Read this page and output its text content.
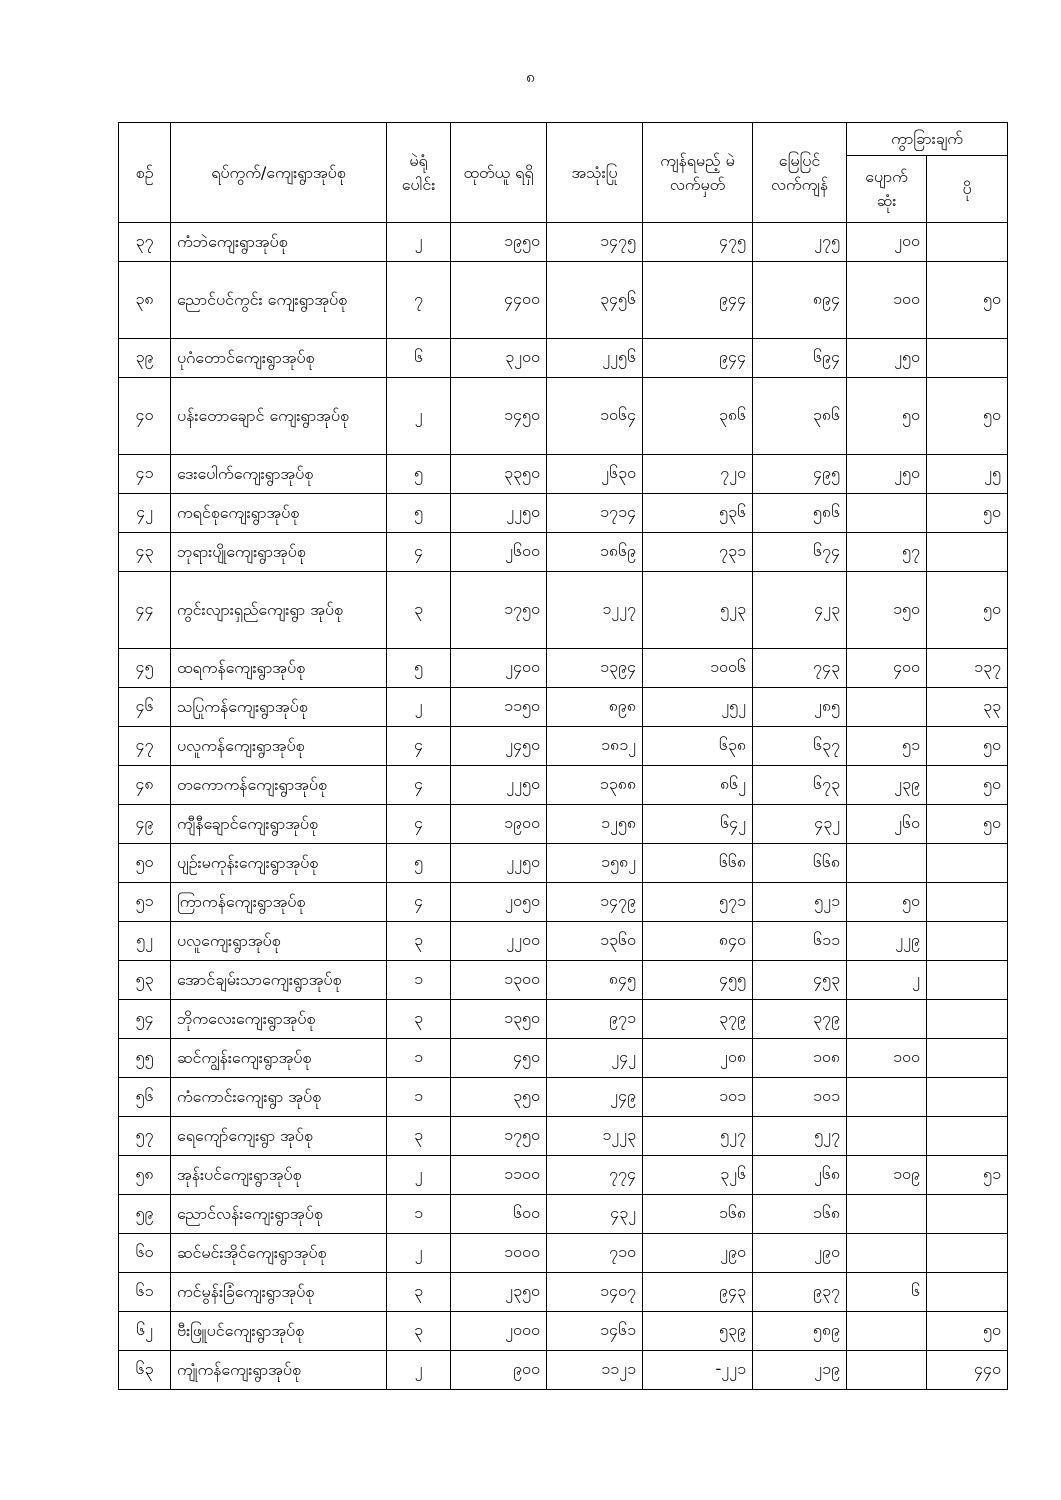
၈
စဉ်	ရပ်ကွက်/ကျေးရွာအုပ်စု	မဲရုံ ပေါင်း	ထုတ်ယူ ရရှိ	အသုံးပြု	ကျန်ရမည့် မဲလက်မှတ်	မြေပြင် လက်ကျန်	ကွာခြားချက်	
							ပျောက် ဆုံး	ပို
၃၇	ကံဘဲကျေးရွာအုပ်စု	၂	၁၉၅၀	၁၄၇၅	၄၇၅	၂၇၅	၂၀၀	
၃၈	ညောင်ပင်ကွင်း ကျေးရွာအုပ်စု	၇	၄၄၀၀	၃၄၅၆	၉၄၄	၈၉၄	၁၀၀	၅၀
၃၉	ပုဂံတောင်ကျေးရွာအုပ်စု	၆	၃၂၀၀	၂၂၅၆	၉၄၄	၆၉၄	၂၅၀	
၄၀	ပန်းတောချောင် ကျေးရွာအုပ်စု	၂	၁၄၅၀	၁၀၆၄	၃၈၆	၃၈၆	၅၀	၅၀
၄၁	ဒေးပေါက်ကျေးရွာအုပ်စု	၅	၃၃၅၀	၂၆၃၀	၇၂၀	၄၉၅	၂၅၀	၂၅
၄၂	ကရင်စုကျေးရွာအုပ်စု	၅	၂၂၅၀	၁၇၁၄	၅၃၆	၅၈၆		၅၀
၄၃	ဘုရားပျိုကျေးရွာအုပ်စု	၄	၂၆၀၀	၁၈၆၉	၇၃၁	၆၇၄	၅၇	
၄၄	ကွင်းလျားရှည်ကျေးရွာ အုပ်စု	၃	၁၇၅၀	၁၂၂၇	၅၂၃	၄၂၃	၁၅၀	၅၀
၄၅	ထရကန်ကျေးရွာအုပ်စု	၅	၂၄၀၀	၁၃၉၄	၁၀၀၆	၇၄၃	၄၀၀	၁၃၇
၄၆	သပြုကန်ကျေးရွာအုပ်စု	၂	၁၁၅၀	၈၉၈	၂၅၂	၂၈၅		၃၃
၄၇	ပလူကန်ကျေးရွာအုပ်စု	၄	၂၄၅၀	၁၈၁၂	၆၃၈	၆၃၇	၅၁	၅၀
၄၈	တကောကန်ကျေးရွာအုပ်စု	၄	၂၂၅၀	၁၃၈၈	၈၆၂	၆၇၃	၂၃၉	၅၀
၄၉	ကျီနီချောင်ကျေးရွာအုပ်စု	၄	၁၉၀၀	၁၂၅၈	၆၄၂	၄၃၂	၂၆၀	၅၀
၅၀	ပျဉ်းမကုန်းကျေးရွာအုပ်စု	၅	၂၂၅၀	၁၅၈၂	၆၆၈	၆၆၈		
၅၁	ကြာကန်ကျေးရွာအုပ်စု	၄	၂၀၅၀	၁၄၇၉	၅၇၁	၅၂၁	၅၀	
၅၂	ပလူကျေးရွာအုပ်စု	၃	၂၂၀၀	၁၃၆၀	၈၄၀	၆၁၁	၂၂၉	
၅၃	အောင်ချမ်းသာကျေးရွာအုပ်စု	၁	၁၃၀၀	၈၄၅	၄၅၅	၄၅၃	၂	
၅၄	ဘိုကလေးကျေးရွာအုပ်စု	၃	၁၃၅၀	၉၇၁	၃၇၉	၃၇၉		
၅၅	ဆင်ကျွန်းကျေးရွာအုပ်စု	၁	၄၅၀	၂၄၂	၂၀၈	၁၀၈	၁၀၀	
၅၆	ကံကောင်းကျေးရွာ အုပ်စု	၁	၃၅၀	၂၄၉	၁၀၁	၁၀၁		
၅၇	ရေကျော်ကျေးရွာ အုပ်စု	၃	၁၇၅၀	၁၂၂၃	၅၂၇	၅၂၇		
၅၈	အုန်းပင်ကျေးရွာအုပ်စု	၂	၁၁၀၀	၇၇၄	၃၂၆	၂၆၈	၁၀၉	၅၁
၅၉	ညောင်လန်းကျေးရွာအုပ်စု	၁	၆၀၀	၄၃၂	၁၆၈	၁၆၈		
၆၀	ဆင်မင်းအိုင်ကျေးရွာအုပ်စု	၂	၁၀၀၀	၇၁၀	၂၉၀	၂၉၀		
၆၁	ကင်မွန်းခြံကျေးရွာအုပ်စု	၃	၂၃၅၀	၁၄၀၇	၉၄၃	၉၃၇	၆	
၆၂	ဗီးဖြူပင်ကျေးရွာအုပ်စု	၃	၂၀၀၀	၁၄၆၁	၅၃၉	၅၈၉		၅၀
၆၃	ကျုံကန်ကျေးရွာအုပ်စု	၂	၉၀၀	၁၁၂၁	-၂၂၁	၂၁၉		၄၄၀
